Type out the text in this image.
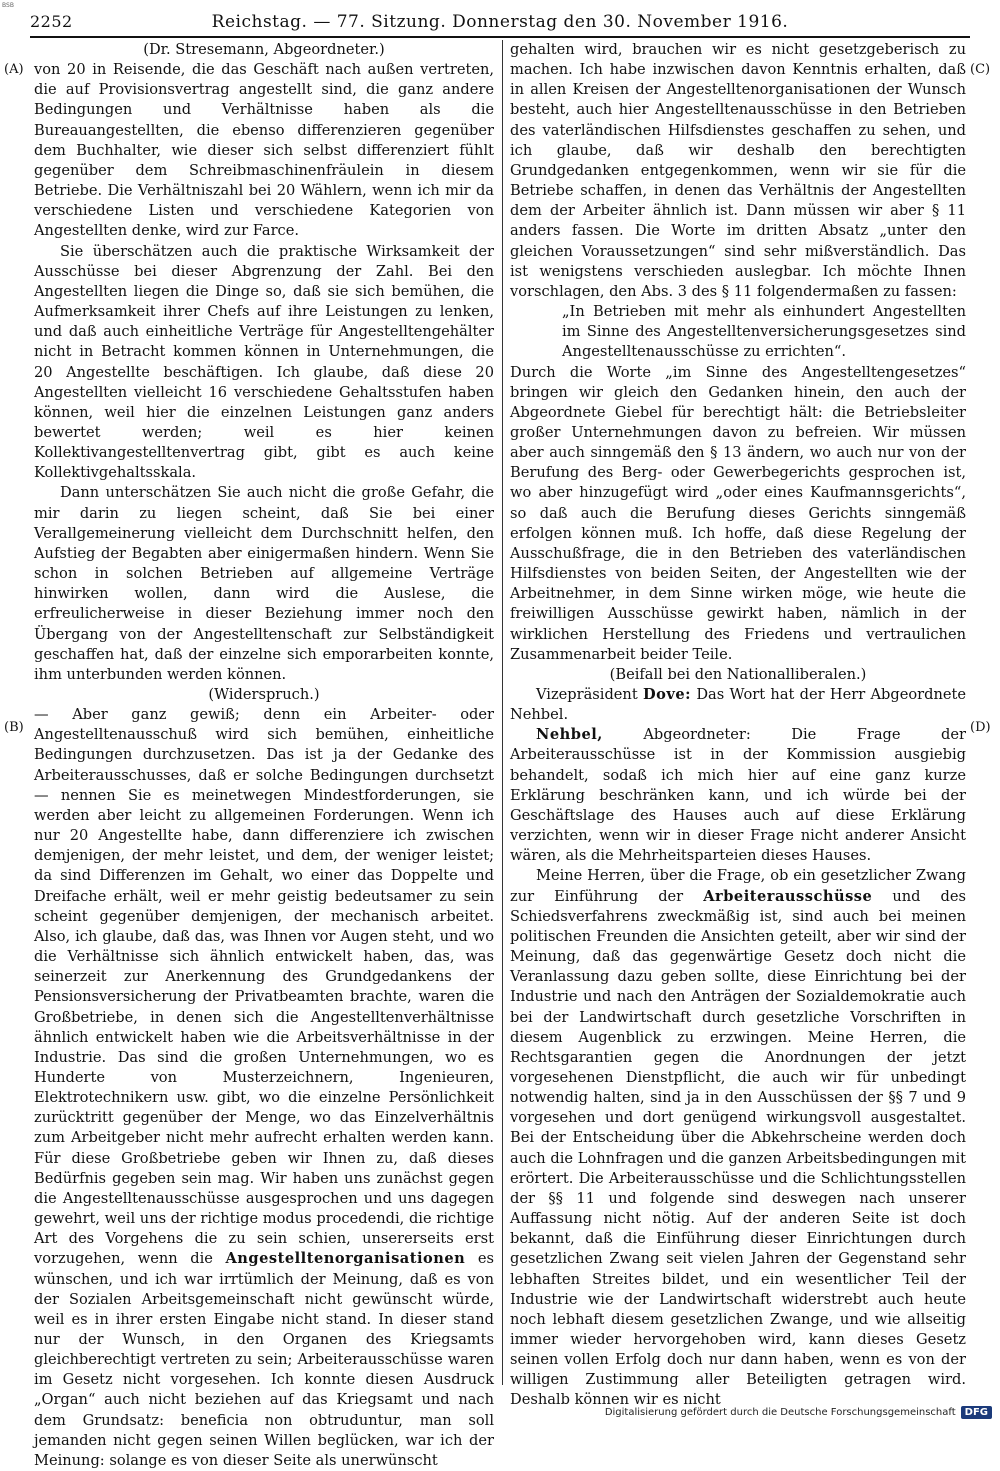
BSB
2252	Reichstag. — 77. Sitzung. Donnerstag den 30. November 1916.
(A)
(B)
(C)
(D)

(Dr. Stresemann, Abgeordneter.)

von 20 in Reisende, die das Geschäft nach außen vertreten, die auf Provisionsvertrag angestellt sind, die ganz andere Bedingungen und Verhältnisse haben als die Bureauangestellten, die ebenso differenzieren gegenüber dem Buchhalter, wie dieser sich selbst differenziert fühlt gegenüber dem Schreibmaschinenfräulein in diesem Betriebe. Die Verhältniszahl bei 20 Wählern, wenn ich mir da verschiedene Listen und verschiedene Kategorien von Angestellten denke, wird zur Farce.

Sie überschätzen auch die praktische Wirksamkeit der Ausschüsse bei dieser Abgrenzung der Zahl. Bei den Angestellten liegen die Dinge so, daß sie sich bemühen, die Aufmerksamkeit ihrer Chefs auf ihre Leistungen zu lenken, und daß auch einheitliche Verträge für Angestelltengehälter nicht in Betracht kommen können in Unternehmungen, die 20 Angestellte beschäftigen. Ich glaube, daß diese 20 Angestellten vielleicht 16 verschiedene Gehaltsstufen haben können, weil hier die einzelnen Leistungen ganz anders bewertet werden; weil es hier keinen Kollektivangestelltenvertrag gibt, gibt es auch keine Kollektivgehaltsskala.

Dann unterschätzen Sie auch nicht die große Gefahr, die mir darin zu liegen scheint, daß Sie bei einer Verallgemeinerung vielleicht dem Durchschnitt helfen, den Aufstieg der Begabten aber einigermaßen hindern. Wenn Sie schon in solchen Betrieben auf allgemeine Verträge hinwirken wollen, dann wird die Auslese, die erfreulicherweise in dieser Beziehung immer noch den Übergang von der Angestelltenschaft zur Selbständigkeit geschaffen hat, daß der einzelne sich emporarbeiten konnte, ihm unterbunden werden können.

(Widerspruch.)

— Aber ganz gewiß; denn ein Arbeiter- oder Angestelltenausschuß wird sich bemühen, einheitliche Bedingungen durchzusetzen. Das ist ja der Gedanke des Arbeiterausschusses, daß er solche Bedingungen durchsetzt — nennen Sie es meinetwegen Mindestforderungen, sie werden aber leicht zu allgemeinen Forderungen. Wenn ich nur 20 Angestellte habe, dann differenziere ich zwischen demjenigen, der mehr leistet, und dem, der weniger leistet; da sind Differenzen im Gehalt, wo einer das Doppelte und Dreifache erhält, weil er mehr geistig bedeutsamer zu sein scheint gegenüber demjenigen, der mechanisch arbeitet. Also, ich glaube, daß das, was Ihnen vor Augen steht, und wo die Verhältnisse sich ähnlich entwickelt haben, das, was seinerzeit zur Anerkennung des Grundgedankens der Pensionsversicherung der Privatbeamten brachte, waren die Großbetriebe, in denen sich die Angestelltenverhältnisse ähnlich entwickelt haben wie die Arbeitsverhältnisse in der Industrie. Das sind die großen Unternehmungen, wo es Hunderte von Musterzeichnern, Ingenieuren, Elektrotechnikern usw. gibt, wo die einzelne Persönlichkeit zurücktritt gegenüber der Menge, wo das Einzelverhältnis zum Arbeitgeber nicht mehr aufrecht erhalten werden kann. Für diese Großbetriebe geben wir Ihnen zu, daß dieses Bedürfnis gegeben sein mag. Wir haben uns zunächst gegen die Angestelltenausschüsse ausgesprochen und uns dagegen gewehrt, weil uns der richtige modus procedendi, die richtige Art des Vorgehens die zu sein schien, unsererseits erst vorzugehen, wenn die Angestelltenorganisationen es wünschen, und ich war irrtümlich der Meinung, daß es von der Sozialen Arbeitsgemeinschaft nicht gewünscht würde, weil es in ihrer ersten Eingabe nicht stand. In dieser stand nur der Wunsch, in den Organen des Kriegsamts gleichberechtigt vertreten zu sein; Arbeiterausschüsse waren im Gesetz nicht vorgesehen. Ich konnte diesen Ausdruck „Organ“ auch nicht beziehen auf das Kriegsamt und nach dem Grundsatz: beneficia non obtruduntur, man soll jemanden nicht gegen seinen Willen beglücken, war ich der Meinung: solange es von dieser Seite als unerwünscht

gehalten wird, brauchen wir es nicht gesetzgeberisch zu machen. Ich habe inzwischen davon Kenntnis erhalten, daß in allen Kreisen der Angestelltenorganisationen der Wunsch besteht, auch hier Angestelltenausschüsse in den Betrieben des vaterländischen Hilfsdienstes geschaffen zu sehen, und ich glaube, daß wir deshalb den berechtigten Grundgedanken entgegenkommen, wenn wir sie für die Betriebe schaffen, in denen das Verhältnis der Angestellten dem der Arbeiter ähnlich ist. Dann müssen wir aber § 11 anders fassen. Die Worte im dritten Absatz „unter den gleichen Voraussetzungen“ sind sehr mißverständlich. Das ist wenigstens verschieden auslegbar. Ich möchte Ihnen vorschlagen, den Abs. 3 des § 11 folgendermaßen zu fassen:

„In Betrieben mit mehr als einhundert Angestellten im Sinne des Angestelltenversicherungsgesetzes sind Angestelltenausschüsse zu errichten“.

Durch die Worte „im Sinne des Angestelltengesetzes“ bringen wir gleich den Gedanken hinein, den auch der Abgeordnete Giebel für berechtigt hält: die Betriebsleiter großer Unternehmungen davon zu befreien. Wir müssen aber auch sinngemäß den § 13 ändern, wo auch nur von der Berufung des Berg- oder Gewerbegerichts gesprochen ist, wo aber hinzugefügt wird „oder eines Kaufmannsgerichts“, so daß auch die Berufung dieses Gerichts sinngemäß erfolgen können muß. Ich hoffe, daß diese Regelung der Ausschußfrage, die in den Betrieben des vaterländischen Hilfsdienstes von beiden Seiten, der Angestellten wie der Arbeitnehmer, in dem Sinne wirken möge, wie heute die freiwilligen Ausschüsse gewirkt haben, nämlich in der wirklichen Herstellung des Friedens und vertraulichen Zusammenarbeit beider Teile.

(Beifall bei den Nationalliberalen.)

Vizepräsident Dove: Das Wort hat der Herr Abgeordnete Nehbel.

Nehbel,	Abgeordneter: Die Frage der Arbeiterausschüsse ist in der Kommission ausgiebig behandelt, sodaß ich mich hier auf eine ganz kurze Erklärung beschränken kann, und ich würde bei der Geschäftslage des Hauses auch auf diese Erklärung verzichten, wenn wir in dieser Frage nicht anderer Ansicht wären, als die Mehrheitsparteien dieses Hauses.

Meine Herren, über die Frage, ob ein gesetzlicher Zwang zur Einführung der Arbeiterausschüsse und des Schiedsverfahrens zweckmäßig ist, sind auch bei meinen politischen Freunden die Ansichten geteilt, aber wir sind der Meinung, daß das gegenwärtige Gesetz doch nicht die Veranlassung dazu geben sollte, diese Einrichtung bei der Industrie und nach den Anträgen der Sozialdemokratie auch bei der Landwirtschaft durch gesetzliche Vorschriften in diesem Augenblick zu erzwingen. Meine Herren, die Rechtsgarantien gegen die Anordnungen der jetzt vorgesehenen Dienstpflicht, die auch wir für unbedingt notwendig halten, sind ja in den Ausschüssen der §§ 7 und 9 vorgesehen und dort genügend wirkungsvoll ausgestaltet. Bei der Entscheidung über die Abkehrscheine werden doch auch die Lohnfragen und die ganzen Arbeitsbedingungen mit erörtert. Die Arbeiterausschüsse und die Schlichtungsstellen der §§ 11 und folgende sind deswegen nach unserer Auffassung nicht nötig. Auf der anderen Seite ist doch bekannt, daß die Einführung dieser Einrichtungen durch gesetzlichen Zwang seit vielen Jahren der Gegenstand sehr lebhaften Streites bildet, und ein wesentlicher Teil der Industrie wie der Landwirtschaft widerstrebt auch heute noch lebhaft diesem gesetzlichen Zwange, und wie allseitig immer wieder hervorgehoben wird, kann dieses Gesetz seinen vollen Erfolg doch nur dann haben, wenn es von der willigen Zustimmung aller Beteiligten getragen wird. Deshalb können wir es nicht

Digitalisierung gefördert durch die Deutsche Forschungsgemeinschaft DFG
